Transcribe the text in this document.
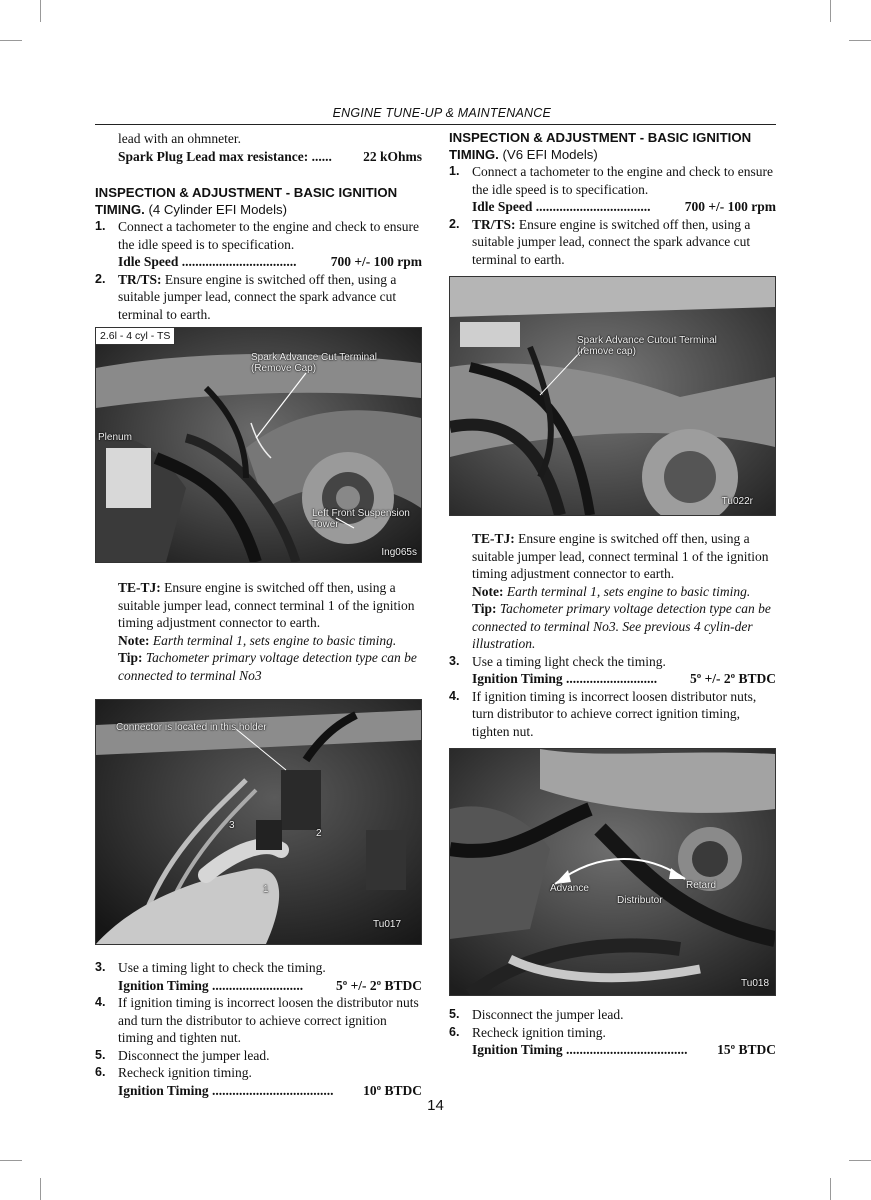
ENGINE TUNE-UP & MAINTENANCE

lead with an ohmneter.

Spark Plug Lead max resistance: ...... 22 kOhms

INSPECTION & ADJUSTMENT - BASIC IGNITION TIMING. (4 Cylinder EFI Models)

1. Connect a tachometer to the engine and check to ensure the idle speed is to specification.
Idle Speed ..................................	700 +/- 100 rpm
2. TR/TS: Ensure engine is switched off then, using a suitable jumper lead, connect the spark advance cut terminal to earth.
2.6l - 4 cyl - TS
Spark Advance Cut Terminal (Remove Cap)
Plenum
Left Front Suspension Tower
Ing065s
TE-TJ: Ensure engine is switched off then, using a suitable jumper lead, connect terminal 1 of the ignition timing adjustment connector to earth.
Note: Earth terminal 1, sets engine to basic timing.
Tip: Tachometer primary voltage detection type can be connected to terminal No3
Connector is located in this holder
3
2
1
Tu017
3. Use a timing light to check the timing.
Ignition Timing ........................... 5º +/- 2º BTDC
4. If ignition timing is incorrect loosen the distributor nuts and turn the distributor to achieve correct ignition timing and tighten nut.
5. Disconnect the jumper lead.
6. Recheck ignition timing.
Ignition Timing .................................... 10º BTDC

INSPECTION & ADJUSTMENT - BASIC IGNITION TIMING. (V6 EFI Models)

1. Connect a tachometer to the engine and check to ensure the idle speed is to specification.
Idle Speed ..................................	700 +/- 100 rpm
2. TR/TS: Ensure engine is switched off then, using a suitable jumper lead, connect the spark advance cut terminal to earth.
Spark Advance Cutout Terminal (remove cap)
Tu022r
TE-TJ: Ensure engine is switched off then, using a suitable jumper lead, connect terminal 1 of the ignition timing adjustment connector to earth.
Note: Earth terminal 1, sets engine to basic timing.
Tip: Tachometer primary voltage detection type can be connected to terminal No3. See previous 4 cylin-der illustration.
3. Use a timing light check the timing.
Ignition Timing ........................... 5º +/- 2º BTDC
4. If ignition timing is incorrect loosen distributor nuts, turn distributor to achieve correct ignition timing, tighten nut.
Advance	Retard
Distributor
Tu018
5. Disconnect the jumper lead.
6. Recheck ignition timing.
Ignition Timing .................................... 15º BTDC
14
